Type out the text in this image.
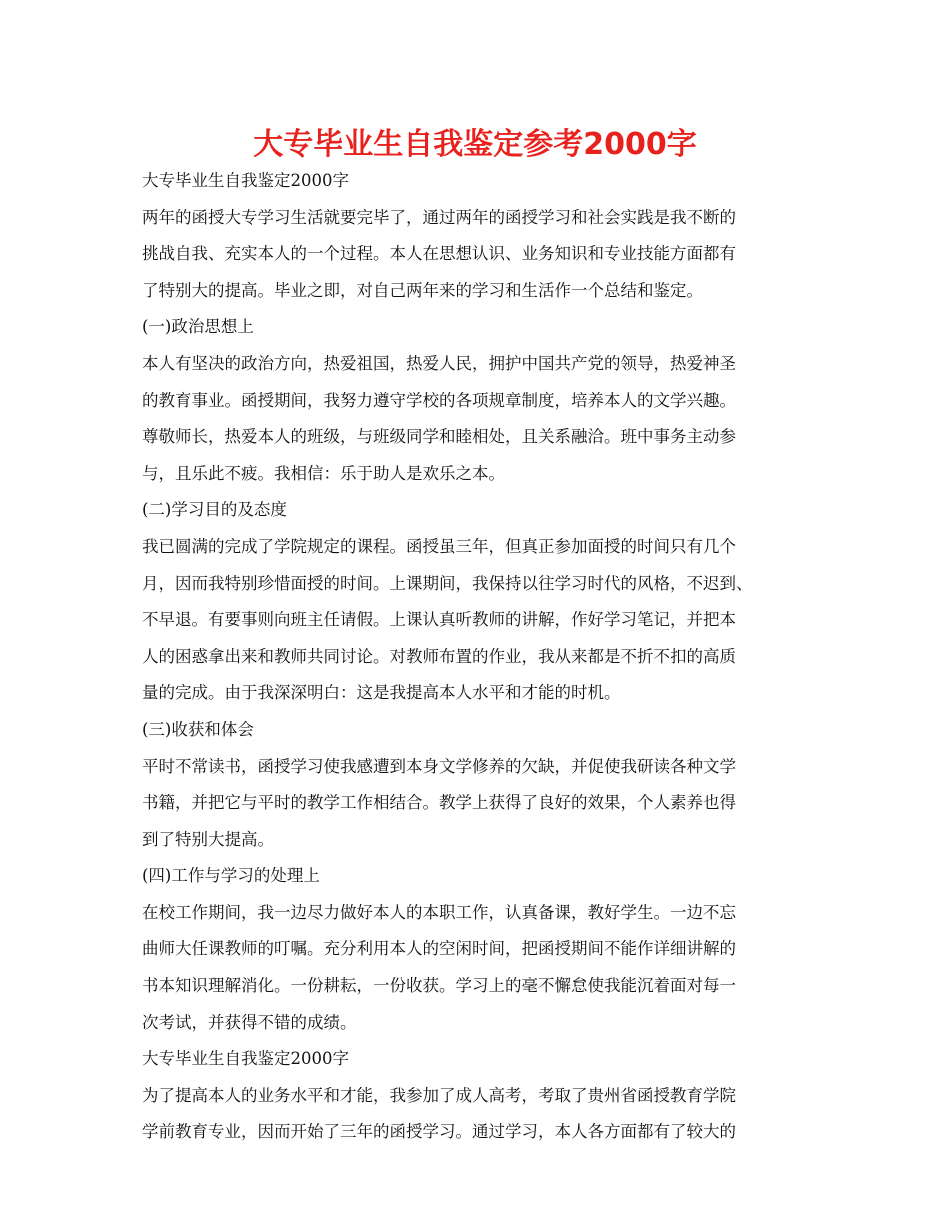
大专毕业生自我鉴定参考2000字
大专毕业生自我鉴定2000字
两年的函授大专学习生活就要完毕了，通过两年的函授学习和社会实践是我不断的
挑战自我、充实本人的一个过程。本人在思想认识、业务知识和专业技能方面都有
了特别大的提高。毕业之即，对自己两年来的学习和生活作一个总结和鉴定。
(一)政治思想上
本人有坚决的政治方向，热爱祖国，热爱人民，拥护中国共产党的领导，热爱神圣
的教育事业。函授期间，我努力遵守学校的各项规章制度，培养本人的文学兴趣。
尊敬师长，热爱本人的班级，与班级同学和睦相处，且关系融洽。班中事务主动参
与，且乐此不疲。我相信：乐于助人是欢乐之本。
(二)学习目的及态度
我已圆满的完成了学院规定的课程。函授虽三年，但真正参加面授的时间只有几个
月，因而我特别珍惜面授的时间。上课期间，我保持以往学习时代的风格，不迟到、
不早退。有要事则向班主任请假。上课认真听教师的讲解，作好学习笔记，并把本
人的困惑拿出来和教师共同讨论。对教师布置的作业，我从来都是不折不扣的高质
量的完成。由于我深深明白：这是我提高本人水平和才能的时机。
(三)收获和体会
平时不常读书，函授学习使我感遭到本身文学修养的欠缺，并促使我研读各种文学
书籍，并把它与平时的教学工作相结合。教学上获得了良好的效果，个人素养也得
到了特别大提高。
(四)工作与学习的处理上
在校工作期间，我一边尽力做好本人的本职工作，认真备课，教好学生。一边不忘
曲师大任课教师的叮嘱。充分利用本人的空闲时间，把函授期间不能作详细讲解的
书本知识理解消化。一份耕耘，一份收获。学习上的毫不懈怠使我能沉着面对每一
次考试，并获得不错的成绩。
大专毕业生自我鉴定2000字
为了提高本人的业务水平和才能，我参加了成人高考，考取了贵州省函授教育学院
学前教育专业，因而开始了三年的函授学习。通过学习，本人各方面都有了较大的
